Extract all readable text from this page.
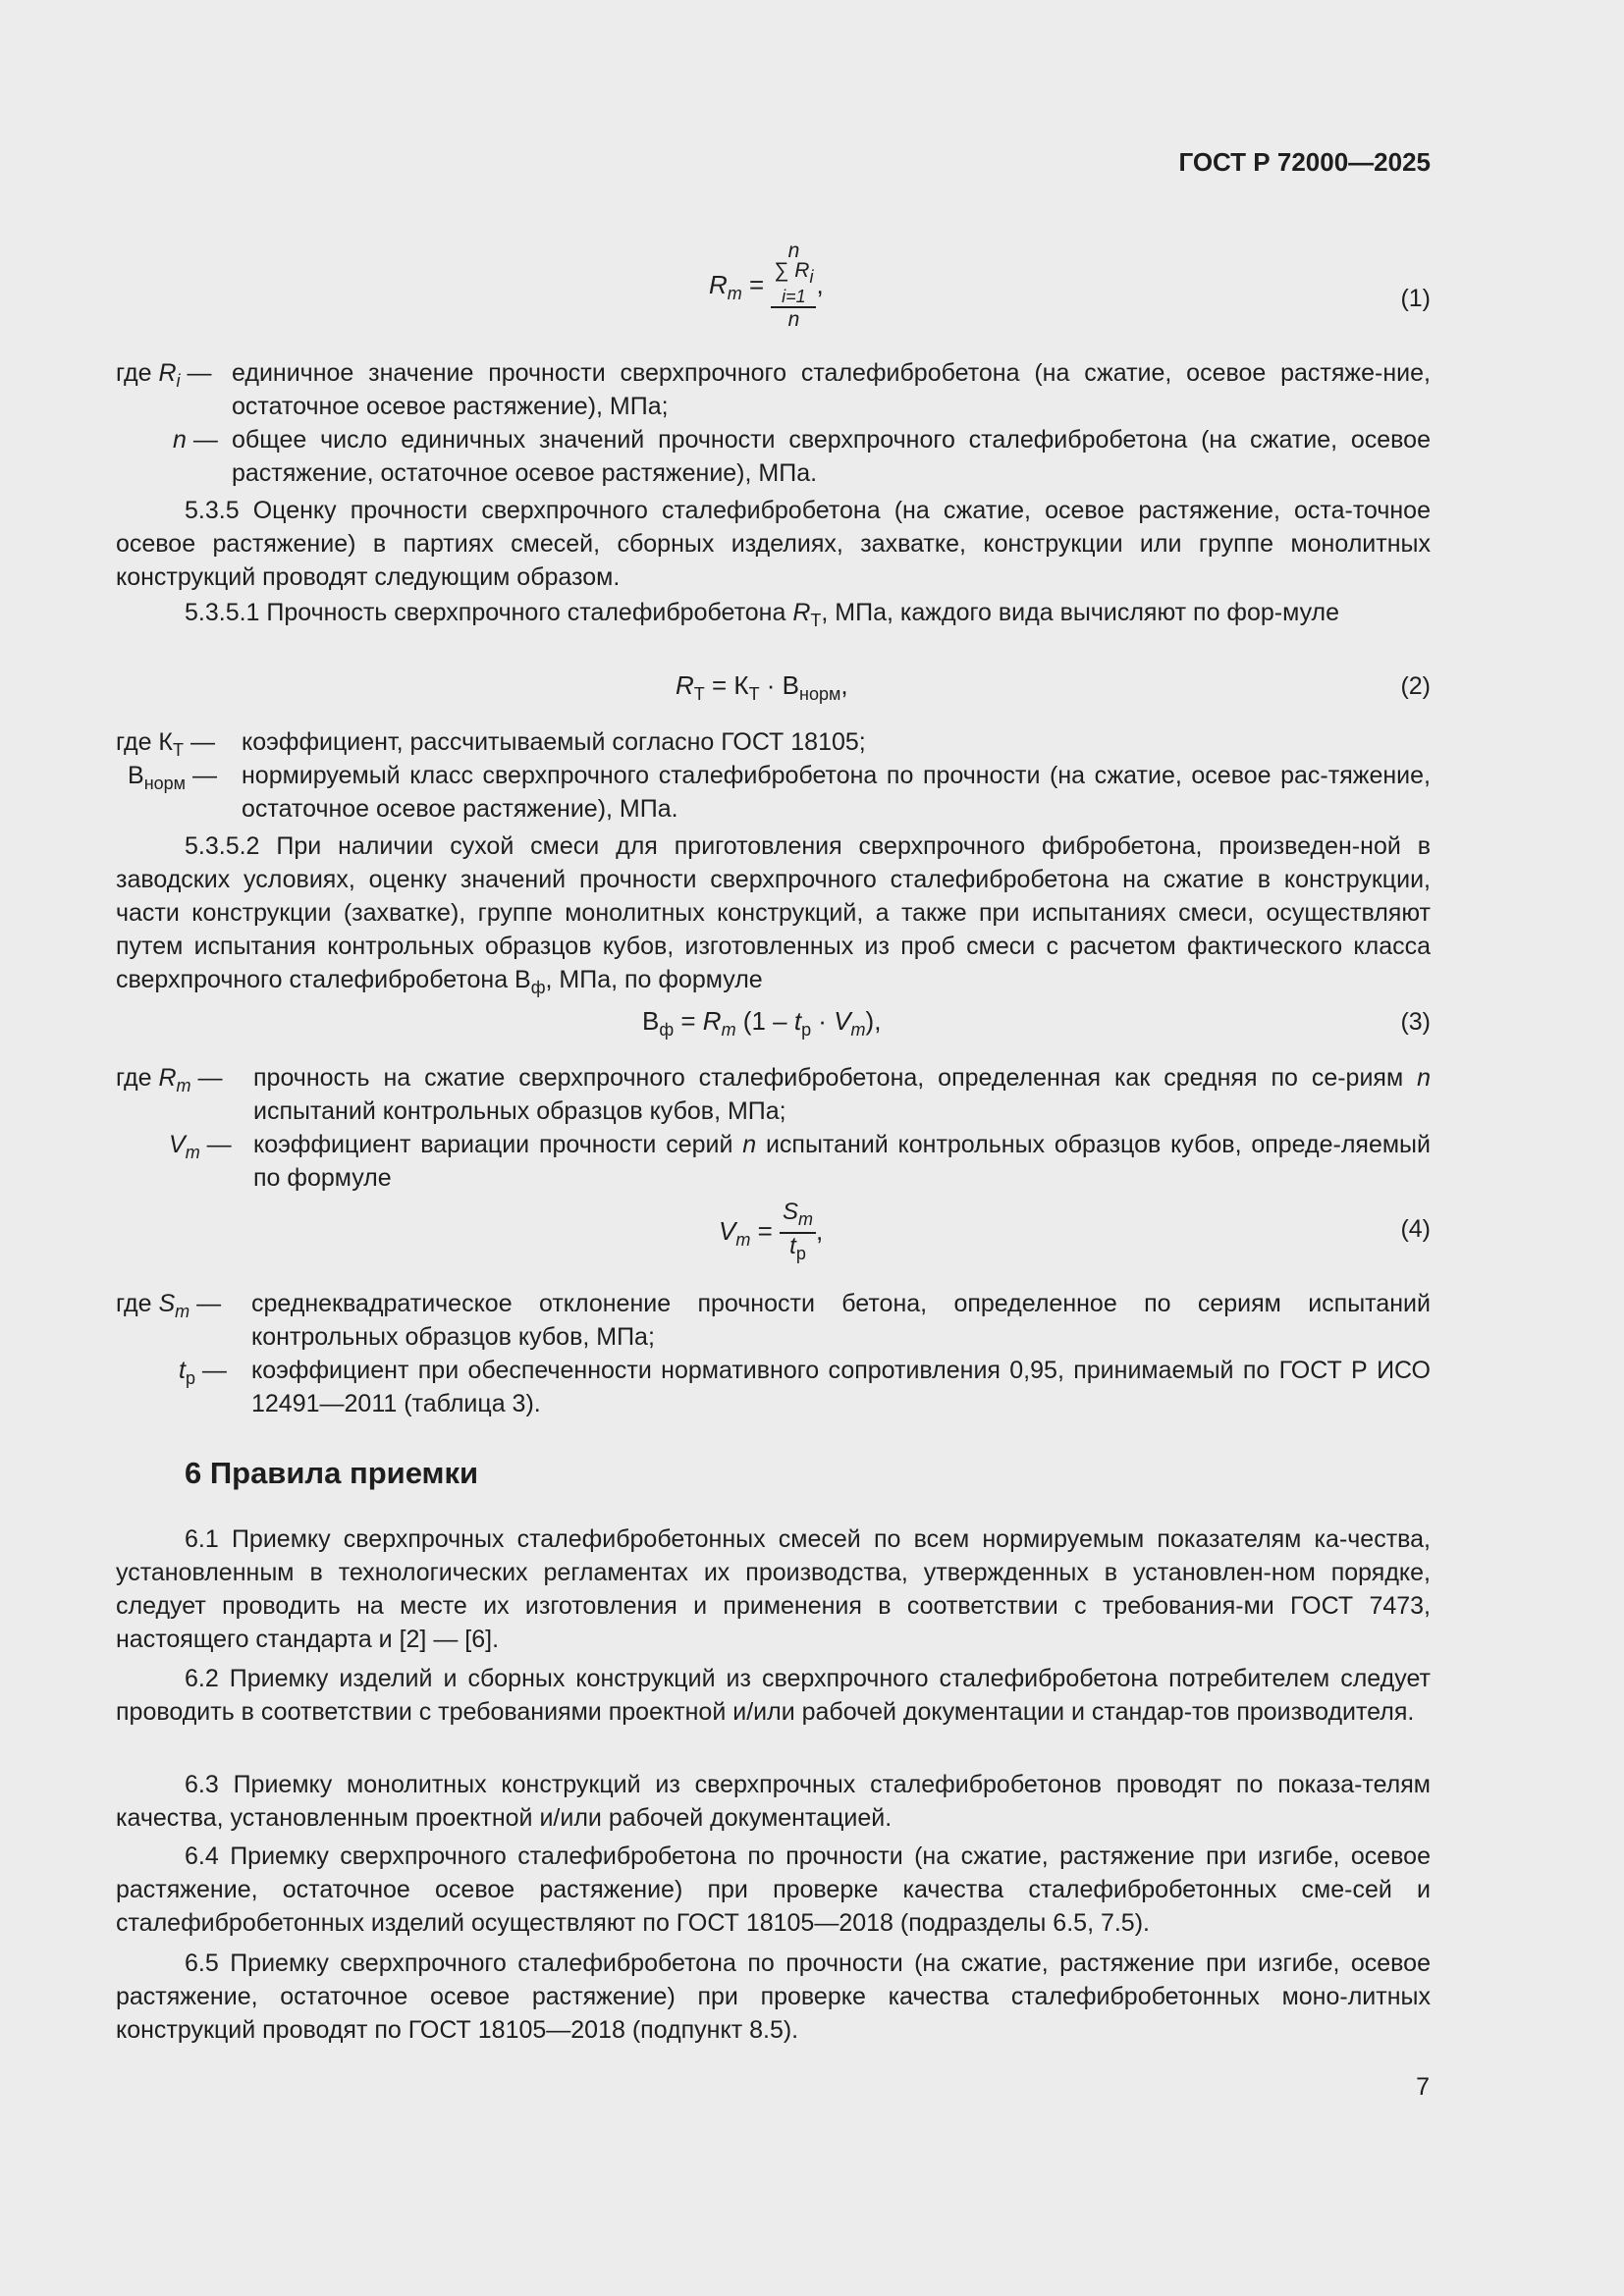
ГОСТ Р 72000—2025
$R_m = n$
∑ $R_i$
i=1
n ,	(1)
где $R_i$ — единичное значение прочности сверхпрочного сталефибробетона (на сжатие, осевое растяже-ние, остаточное осевое растяжение), МПа;
n — общее число единичных значений прочности сверхпрочного сталефибробетона (на сжатие, осевое растяжение, остаточное осевое растяжение), МПа.
5.3.5 Оценку прочности сверхпрочного сталефибробетона (на сжатие, осевое растяжение, оста-точное осевое растяжение) в партиях смесей, сборных изделиях, захватке, конструкции или группе монолитных конструкций проводят следующим образом.
5.3.5.1 Прочность сверхпрочного сталефибробетона $R_T$, МПа, каждого вида вычисляют по фор-муле
$R_T = К_T \cdot В_{норм}$,	(2)
где $К_T$ — коэффициент, рассчитываемый согласно ГОСТ 18105;
$В_{норм}$ — нормируемый класс сверхпрочного сталефибробетона по прочности (на сжатие, осевое рас-тяжение, остаточное осевое растяжение), МПа.
5.3.5.2 При наличии сухой смеси для приготовления сверхпрочного фибробетона, произведен-ной в заводских условиях, оценку значений прочности сверхпрочного сталефибробетона на сжатие в конструкции, части конструкции (захватке), группе монолитных конструкций, а также при испытаниях смеси, осуществляют путем испытания контрольных образцов кубов, изготовленных из проб смеси с расчетом фактического класса сверхпрочного сталефибробетона $В_ф$, МПа, по формуле
$В_ф = R_m$ $(1 - t_р \cdot V_m)$,	(3)
где $R_m$ — прочность на сжатие сверхпрочного сталефибробетона, определенная как средняя по се-риям n испытаний контрольных образцов кубов, МПа;
$V_m$ — коэффициент вариации прочности серий n испытаний контрольных образцов кубов, опреде-ляемый по формуле
$V_m = \frac{S_m}{t_р}$ ,	(4)
где $S_m$ — среднеквадратическое отклонение прочности бетона, определенное по сериям испытаний контрольных образцов кубов, МПа;
$t_р$ — коэффициент при обеспеченности нормативного сопротивления 0,95, принимаемый по ГОСТ Р ИСО 12491—2011 (таблица 3).
6 Правила приемки
6.1 Приемку сверхпрочных сталефибробетонных смесей по всем нормируемым показателям ка-чества, установленным в технологических регламентах их производства, утвержденных в установлен-ном порядке, следует проводить на месте их изготовления и применения в соответствии с требования-ми ГОСТ 7473, настоящего стандарта и [2] — [6].
6.2 Приемку изделий и сборных конструкций из сверхпрочного сталефибробетона потребителем следует проводить в соответствии с требованиями проектной и/или рабочей документации и стандар-тов производителя.
6.3 Приемку монолитных конструкций из сверхпрочных сталефибробетонов проводят по показа-телям качества, установленным проектной и/или рабочей документацией.
6.4 Приемку сверхпрочного сталефибробетона по прочности (на сжатие, растяжение при изгибе, осевое растяжение, остаточное осевое растяжение) при проверке качества сталефибробетонных сме-сей и сталефибробетонных изделий осуществляют по ГОСТ 18105—2018 (подразделы 6.5, 7.5).
6.5 Приемку сверхпрочного сталефибробетона по прочности (на сжатие, растяжение при изгибе, осевое растяжение, остаточное осевое растяжение) при проверке качества сталефибробетонных моно-литных конструкций проводят по ГОСТ 18105—2018 (подпункт 8.5).
7
